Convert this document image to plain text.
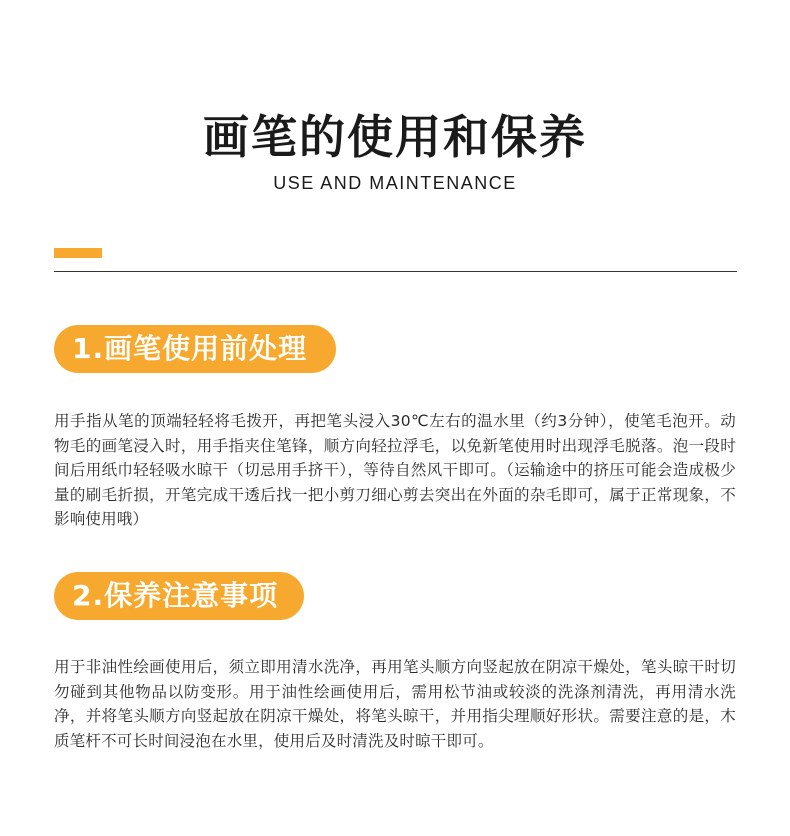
画笔的使用和保养
USE AND MAINTENANCE
1.画笔使用前处理
用手指从笔的顶端轻轻将毛拨开，再把笔头浸入30℃左右的温水里（约3分钟），使笔毛泡开。动物毛的画笔浸入时，用手指夹住笔锋，顺方向轻拉浮毛，以免新笔使用时出现浮毛脱落。泡一段时间后用纸巾轻轻吸水晾干（切忌用手挤干），等待自然风干即可。（运输途中的挤压可能会造成极少量的刷毛折损，开笔完成干透后找一把小剪刀细心剪去突出在外面的杂毛即可，属于正常现象，不影响使用哦）
2.保养注意事项
用于非油性绘画使用后，须立即用清水洗净，再用笔头顺方向竖起放在阴凉干燥处，笔头晾干时切勿碰到其他物品以防变形。用于油性绘画使用后，需用松节油或较淡的洗涤剂清洗，再用清水洗净，并将笔头顺方向竖起放在阴凉干燥处，将笔头晾干，并用指尖理顺好形状。需要注意的是，木质笔杆不可长时间浸泡在水里，使用后及时清洗及时晾干即可。
